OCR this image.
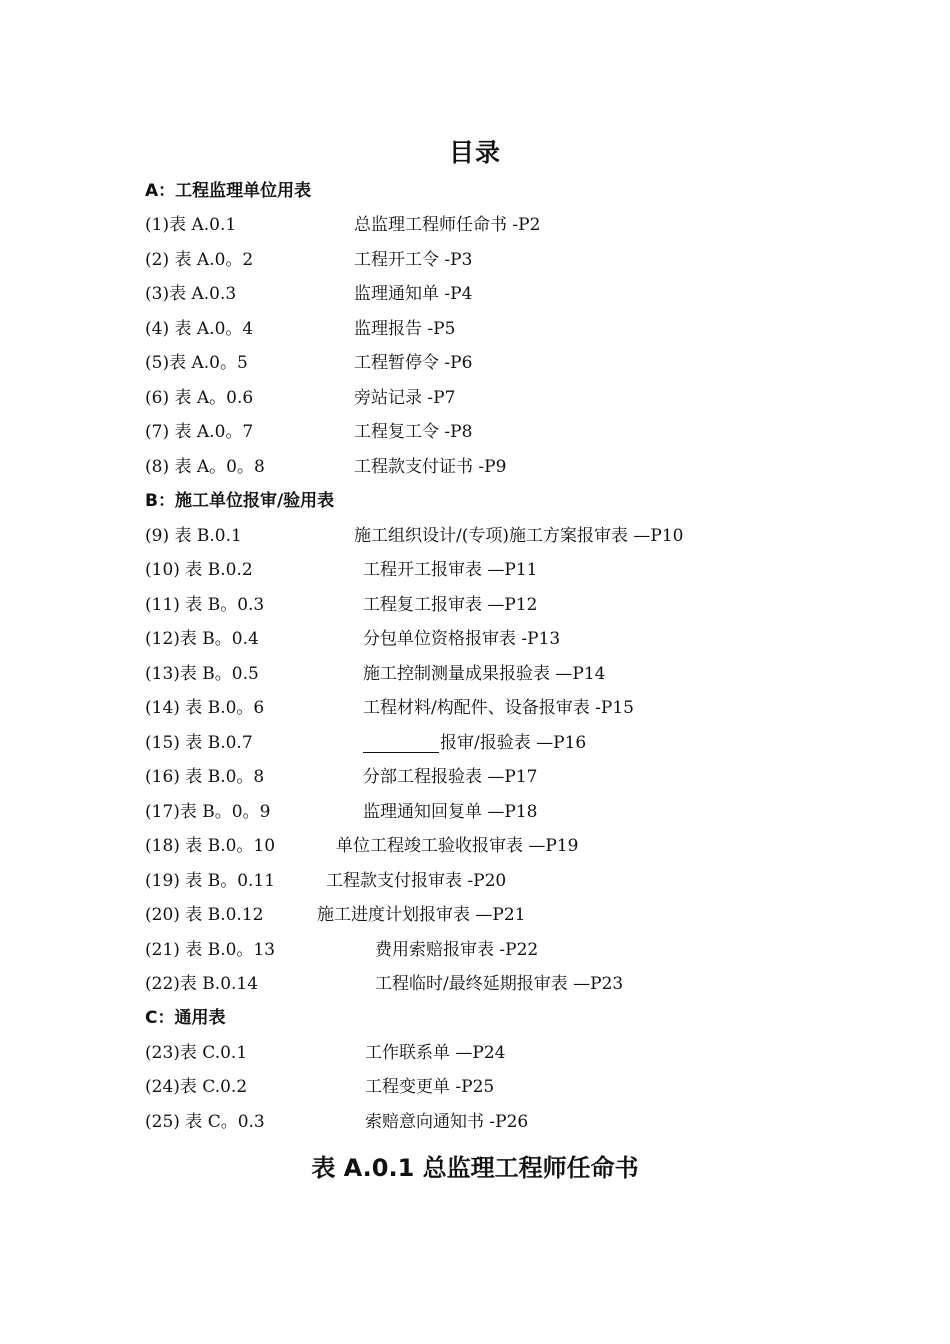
目录
A：工程监理单位用表
(1)表 A.0.1	总监理工程师任命书 -P2
(2) 表 A.0。2	工程开工令 -P3
(3)表 A.0.3	监理通知单 -P4
(4) 表 A.0。4	监理报告 -P5
(5)表 A.0。5	工程暂停令 -P6
(6) 表 A。0.6	旁站记录 -P7
(7) 表 A.0。7	工程复工令 -P8
(8) 表 A。0。8	工程款支付证书 -P9
B：施工单位报审/验用表
(9) 表 B.0.1	施工组织设计/(专项)施工方案报审表 —P10
(10) 表 B.0.2	工程开工报审表 —P11
(11) 表 B。0.3	工程复工报审表 —P12
(12)表 B。0.4	分包单位资格报审表 -P13
(13)表 B。0.5	施工控制测量成果报验表 —P14
(14) 表 B.0。6	工程材料/构配件、设备报审表 -P15
(15) 表 B.0.7	报审/报验表 —P16
(16) 表 B.0。8	分部工程报验表 —P17
(17)表 B。0。9	监理通知回复单 —P18
(18) 表 B.0。10	单位工程竣工验收报审表 —P19
(19) 表 B。0.11	工程款支付报审表 -P20
(20) 表 B.0.12	施工进度计划报审表 —P21
(21) 表 B.0。13	费用索赔报审表 -P22
(22)表 B.0.14	工程临时/最终延期报审表 —P23
C：通用表
(23)表 C.0.1	工作联系单 —P24
(24)表 C.0.2	工程变更单 -P25
(25) 表 C。0.3	索赔意向通知书 -P26
表 A.0.1 总监理工程师任命书
